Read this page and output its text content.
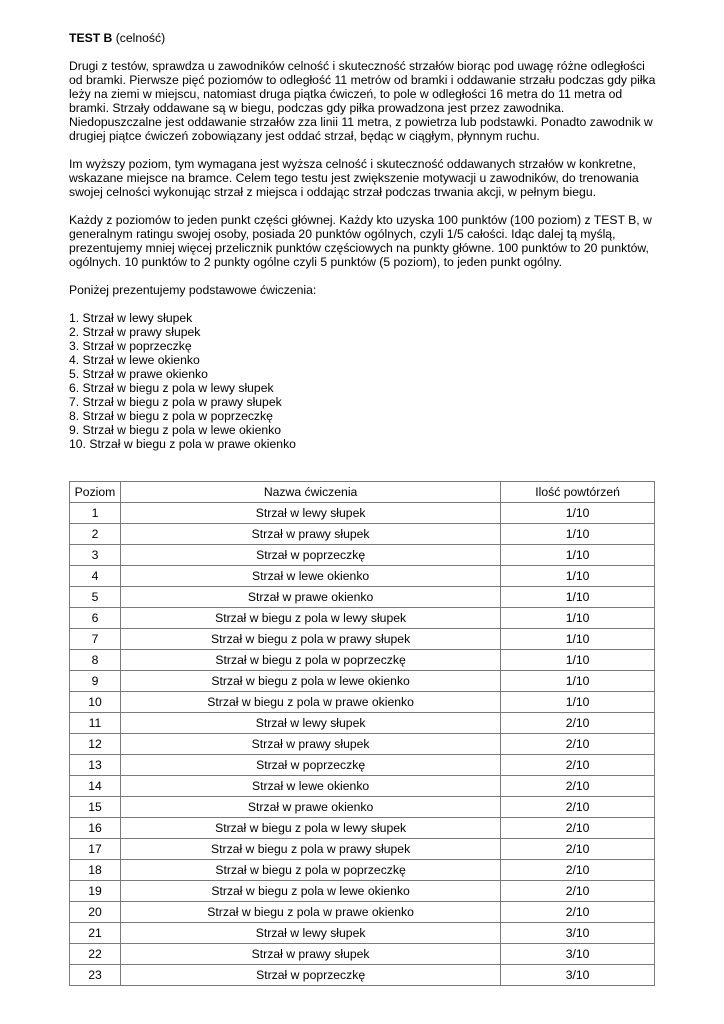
TEST B (celność)

Drugi z testów, sprawdza u zawodników celność i skuteczność strzałów biorąc pod uwagę różne odległości od bramki. Pierwsze pięć poziomów to odległość 11 metrów od bramki i oddawanie strzału podczas gdy piłka leży na ziemi w miejscu, natomiast druga piątka ćwiczeń, to pole w odległości 16 metra do 11 metra od bramki. Strzały oddawane są w biegu, podczas gdy piłka prowadzona jest przez zawodnika. Niedopuszczalne jest oddawanie strzałów zza linii 11 metra, z powietrza lub podstawki. Ponadto zawodnik w drugiej piątce ćwiczeń zobowiązany jest oddać strzał, będąc w ciągłym, płynnym ruchu.

Im wyższy poziom, tym wymagana jest wyższa celność i skuteczność oddawanych strzałów w konkretne, wskazane miejsce na bramce. Celem tego testu jest zwiększenie motywacji u zawodników, do trenowania swojej celności wykonując strzał z miejsca i oddając strzał podczas trwania akcji, w pełnym biegu.

Każdy z poziomów to jeden punkt części głównej. Każdy kto uzyska 100 punktów (100 poziom) z TEST B, w generalnym ratingu swojej osoby, posiada 20 punktów ogólnych, czyli 1/5 całości. Idąc dalej tą myślą, prezentujemy mniej więcej przelicznik punktów częściowych na punkty główne. 100 punktów to 20 punktów, ogólnych. 10 punktów to 2 punkty ogólne czyli 5 punktów (5 poziom), to jeden punkt ogólny.

Poniżej prezentujemy podstawowe ćwiczenia:

1. Strzał w lewy słupek
2. Strzał w prawy słupek
3. Strzał w poprzeczkę
4. Strzał w lewe okienko
5. Strzał w prawe okienko
6. Strzał w biegu z pola w lewy słupek
7. Strzał w biegu z pola w prawy słupek
8. Strzał w biegu z pola w poprzeczkę
9. Strzał w biegu z pola w lewe okienko
10. Strzał w biegu z pola w prawe okienko
Poziom	Nazwa ćwiczenia	Ilość powtórzeń
1	Strzał w lewy słupek	1/10
2	Strzał w prawy słupek	1/10
3	Strzał w poprzeczkę	1/10
4	Strzał w lewe okienko	1/10
5	Strzał w prawe okienko	1/10
6	Strzał w biegu z pola w lewy słupek	1/10
7	Strzał w biegu z pola w prawy słupek	1/10
8	Strzał w biegu z pola w poprzeczkę	1/10
9	Strzał w biegu z pola w lewe okienko	1/10
10	Strzał w biegu z pola w prawe okienko	1/10
11	Strzał w lewy słupek	2/10
12	Strzał w prawy słupek	2/10
13	Strzał w poprzeczkę	2/10
14	Strzał w lewe okienko	2/10
15	Strzał w prawe okienko	2/10
16	Strzał w biegu z pola w lewy słupek	2/10
17	Strzał w biegu z pola w prawy słupek	2/10
18	Strzał w biegu z pola w poprzeczkę	2/10
19	Strzał w biegu z pola w lewe okienko	2/10
20	Strzał w biegu z pola w prawe okienko	2/10
21	Strzał w lewy słupek	3/10
22	Strzał w prawy słupek	3/10
23	Strzał w poprzeczkę	3/10
